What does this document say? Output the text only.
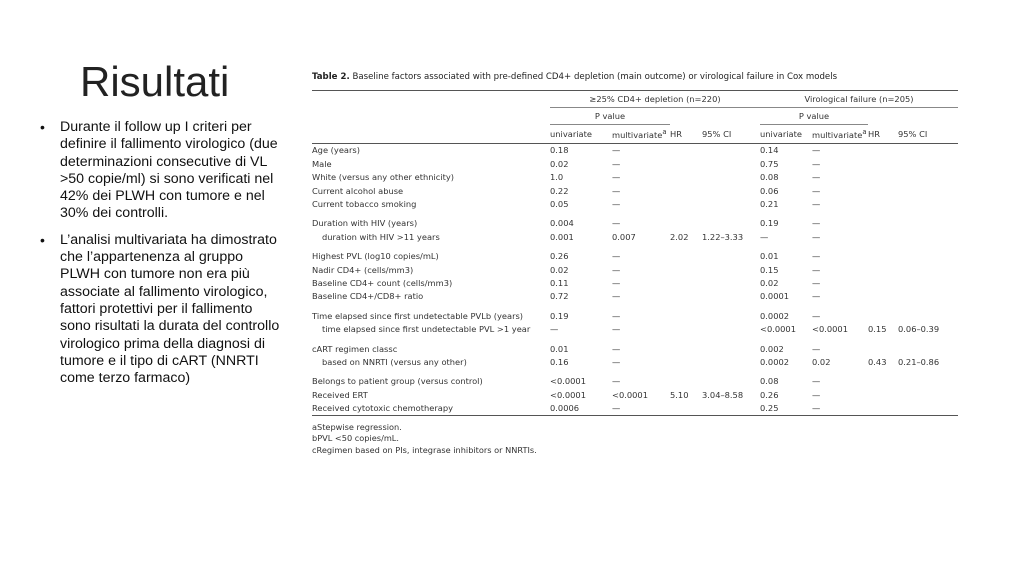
Risultati
• Durante il follow up I criteri per definire il fallimento virologico (due determinazioni consecutive di VL >50 copie/ml) si sono verificati nel 42% dei PLWH con tumore e nel 30% dei controlli.
• L’analisi multivariata ha dimostrato che l’appartenenza al gruppo PLWH con tumore non era più associate al fallimento virologico, fattori protettivi per il fallimento sono risultati la durata del controllo virologico prima della diagnosi di tumore e il tipo di cART (NNRTI come terzo farmaco)

Table 2. Baseline factors associated with pre-defined CD4+ depletion (main outcome) or virological failure in Cox models

	≥25% CD4+ depletion (n=220)				Virological failure (n=205)			
	P value				P value			
	univariate	multivariate$^a$	HR	95% CI	univariate	multivariate$^a$	HR	95% CI
Age (years)	0.18	—			0.14	—		
Male	0.02	—			0.75	—		
White (versus any other ethnicity)	1.0	—			0.08	—		
Current alcohol abuse	0.22	—			0.06	—		
Current tobacco smoking	0.05	—			0.21	—		

Duration with HIV (years)	0.004	—			0.19	—		
duration with HIV >11 years	0.001	0.007	2.02	1.22–3.33	—	—		

Highest PVL (log10 copies/mL)	0.26	—			0.01	—		
Nadir CD4+ (cells/mm3)	0.02	—			0.15	—		
Baseline CD4+ count (cells/mm3)	0.11	—			0.02	—		
Baseline CD4+/CD8+ ratio	0.72	—			0.0001	—		

Time elapsed since first undetectable PVLb (years)	0.19	—			0.0002	—		
time elapsed since first undetectable PVL >1 year	—	—			<0.0001	<0.0001	0.15	0.06–0.39

cART regimen classc	0.01	—			0.002	—		
based on NNRTI (versus any other)	0.16	—			0.0002	0.02	0.43	0.21–0.86

Belongs to patient group (versus control)	<0.0001	—			0.08	—		
Received ERT	<0.0001	<0.0001	5.10	3.04–8.58	0.26	—		
Received cytotoxic chemotherapy	0.0006	—			0.25	—		
aStepwise regression.
bPVL <50 copies/mL.
cRegimen based on PIs, integrase inhibitors or NNRTIs.
